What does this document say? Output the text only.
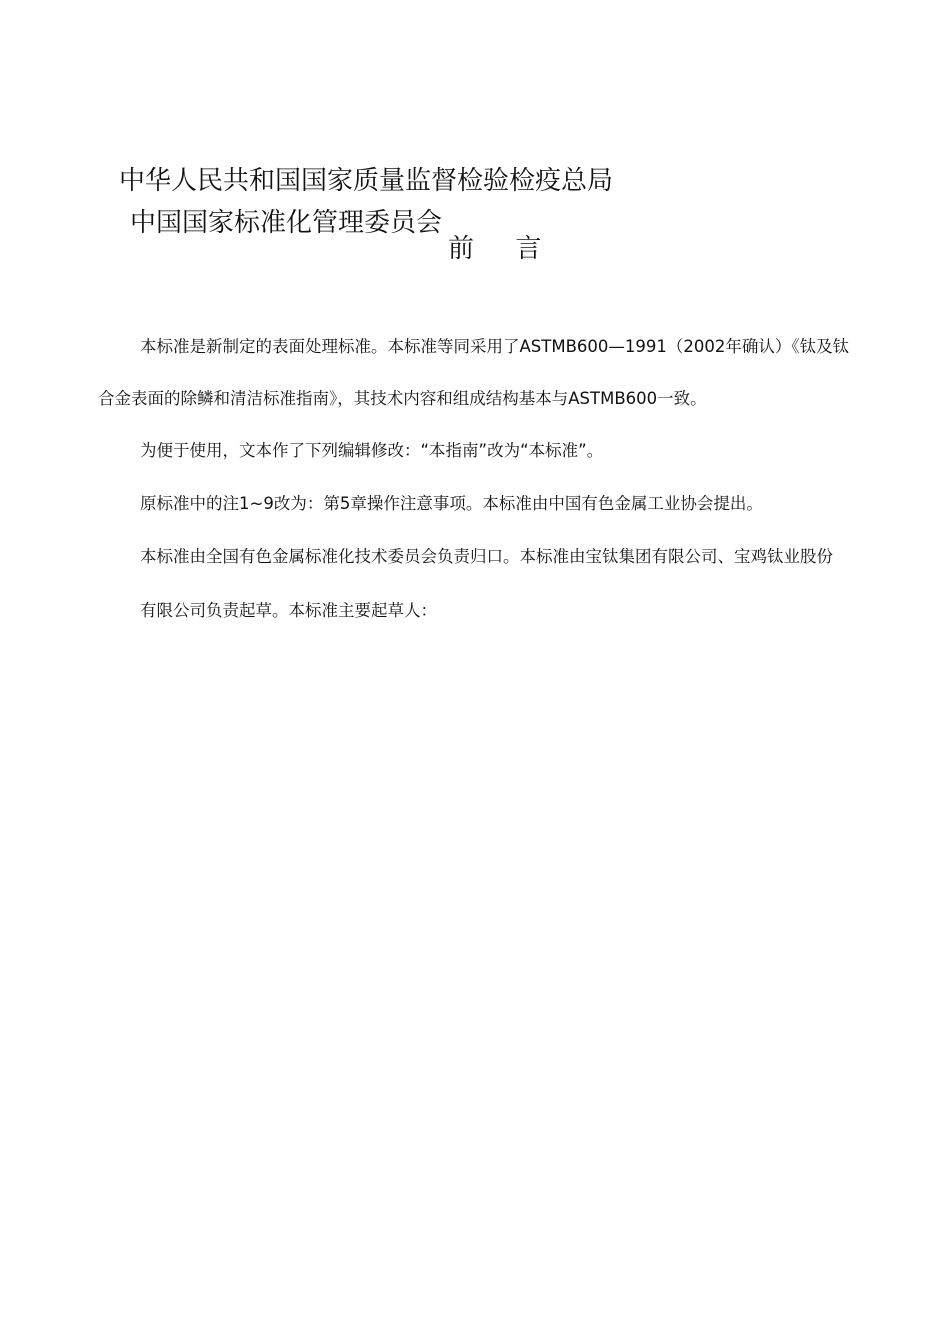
中华人民共和国国家质量监督检验检疫总局
中国国家标准化管理委员会
前     言
本标准是新制定的表面处理标准。本标准等同采用了ASTMB600—1991（2002年确认）《钛及钛
合金表面的除鳞和清洁标准指南》，其技术内容和组成结构基本与ASTMB600一致。
为便于使用，文本作了下列编辑修改：“本指南”改为“本标准”。
原标准中的注1~9改为：第5章操作注意事项。本标准由中国有色金属工业协会提出。
本标准由全国有色金属标准化技术委员会负责归口。本标准由宝钛集团有限公司、宝鸡钛业股份
有限公司负责起草。本标准主要起草人：
